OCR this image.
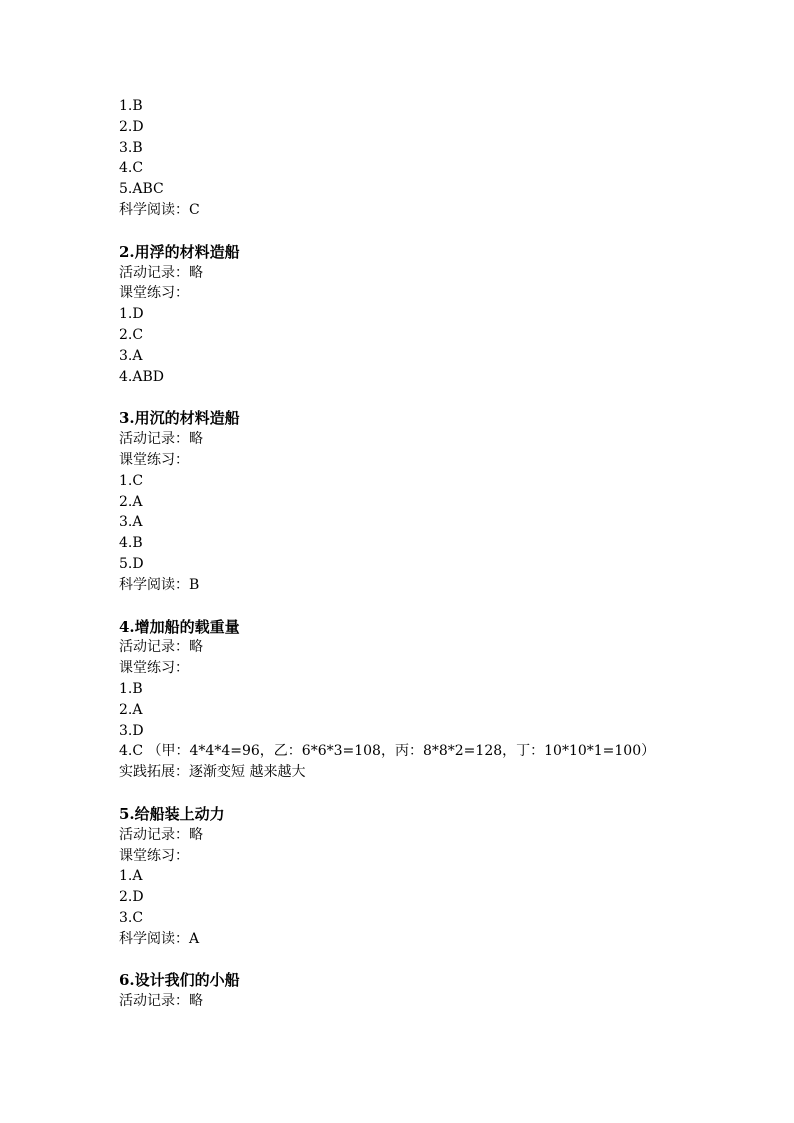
1.B
2.D
3.B
4.C
5.ABC
科学阅读：C
2.用浮的材料造船
活动记录：略
课堂练习：
1.D
2.C
3.A
4.ABD
3.用沉的材料造船
活动记录：略
课堂练习：
1.C
2.A
3.A
4.B
5.D
科学阅读：B
4.增加船的载重量
活动记录：略
课堂练习：
1.B
2.A
3.D
4.C （甲：4*4*4=96，乙：6*6*3=108，丙：8*8*2=128，丁：10*10*1=100）
实践拓展：逐渐变短 越来越大
5.给船装上动力
活动记录：略
课堂练习：
1.A
2.D
3.C
科学阅读：A
6.设计我们的小船
活动记录：略
